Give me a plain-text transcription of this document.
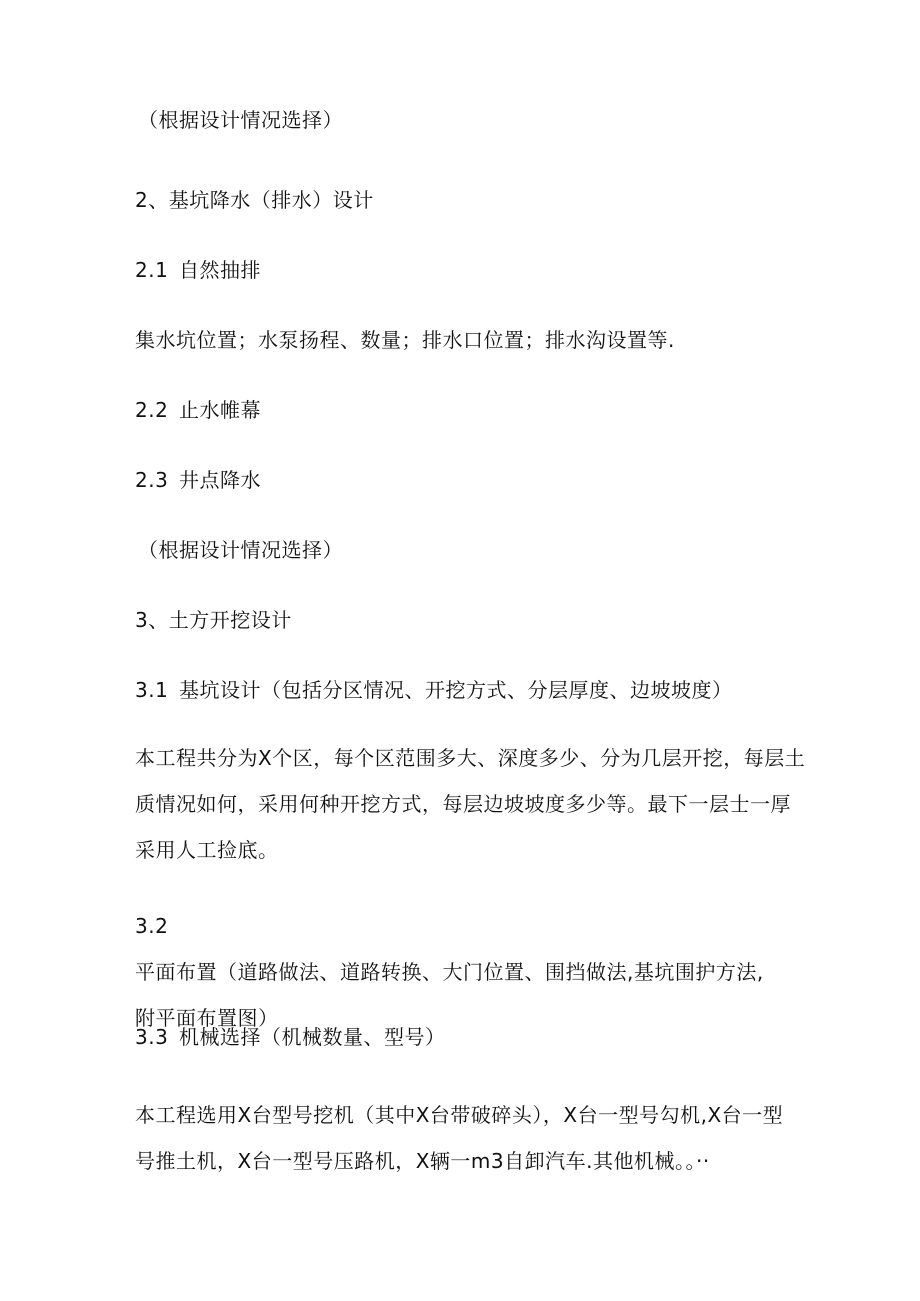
（根据设计情况选择）
2、基坑降水（排水）设计
2.1 自然抽排
集水坑位置；水泵扬程、数量；排水口位置；排水沟设置等.
2.2 止水帷幕
2.3 井点降水
（根据设计情况选择）
3、土方开挖设计
3.1 基坑设计（包括分区情况、开挖方式、分层厚度、边坡坡度）
本工程共分为X个区，每个区范围多大、深度多少、分为几层开挖，每层土
质情况如何，采用何种开挖方式，每层边坡坡度多少等。最下一层士一厚
采用人工捡底。
3.2
平面布置（道路做法、道路转换、大门位置、围挡做法,基坑围护方法,
附平面布置图）
3.3 机械选择（机械数量、型号）
本工程选用X台型号挖机（其中X台带破碎头），X台一型号勾机,X台一型
号推土机，X台一型号压路机，X辆一m3自卸汽车.其他机械。。··
